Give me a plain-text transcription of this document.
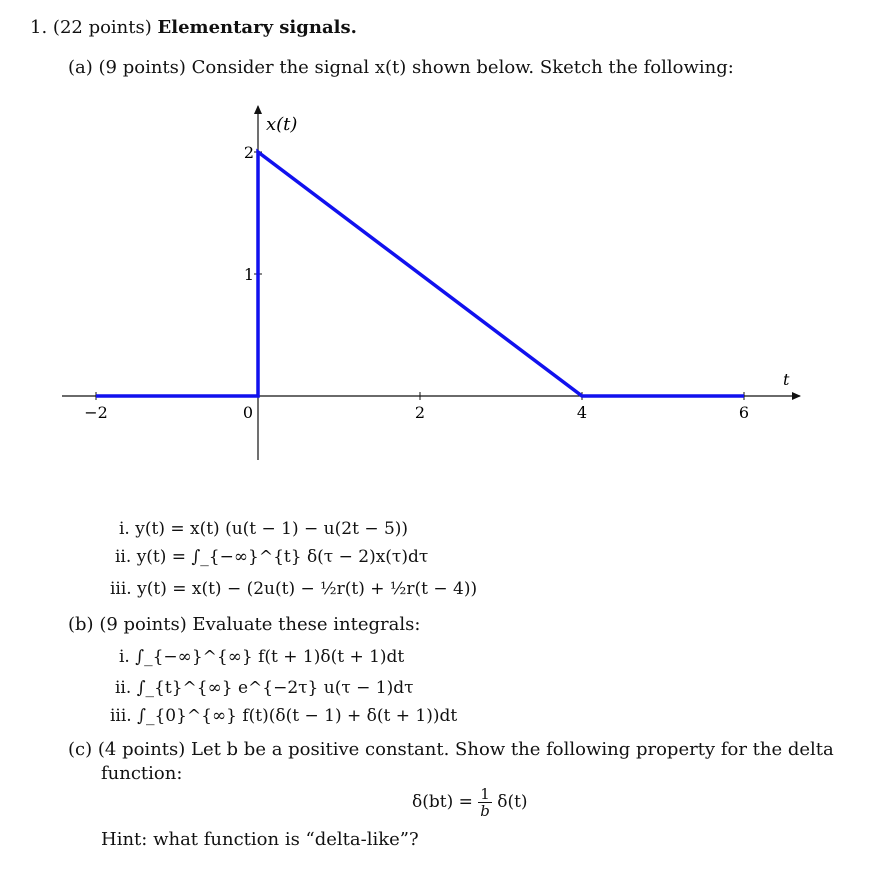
1. (22 points) Elementary signals.
(a) (9 points) Consider the signal x(t) shown below. Sketch the following:
−2	0	2	4	6
1
2
x(t)
t
i. y(t) = x(t) (u(t − 1) − u(2t − 5))
ii. y(t) = ∫_{−∞}^{t} δ(τ − 2)x(τ)dτ
iii. y(t) = x(t) − (2u(t) − ½r(t) + ½r(t − 4))
(b) (9 points) Evaluate these integrals:
i. ∫_{−∞}^{∞} f(t + 1)δ(t + 1)dt
ii. ∫_{t}^{∞} e^{−2τ} u(τ − 1)dτ
iii. ∫_{0}^{∞} f(t)(δ(t − 1) + δ(t + 1))dt
(c) (4 points) Let b be a positive constant. Show the following property for the delta
function:
$\delta(bt) = \frac{1}{b} \delta(t)$
Hint: what function is “delta-like”?
